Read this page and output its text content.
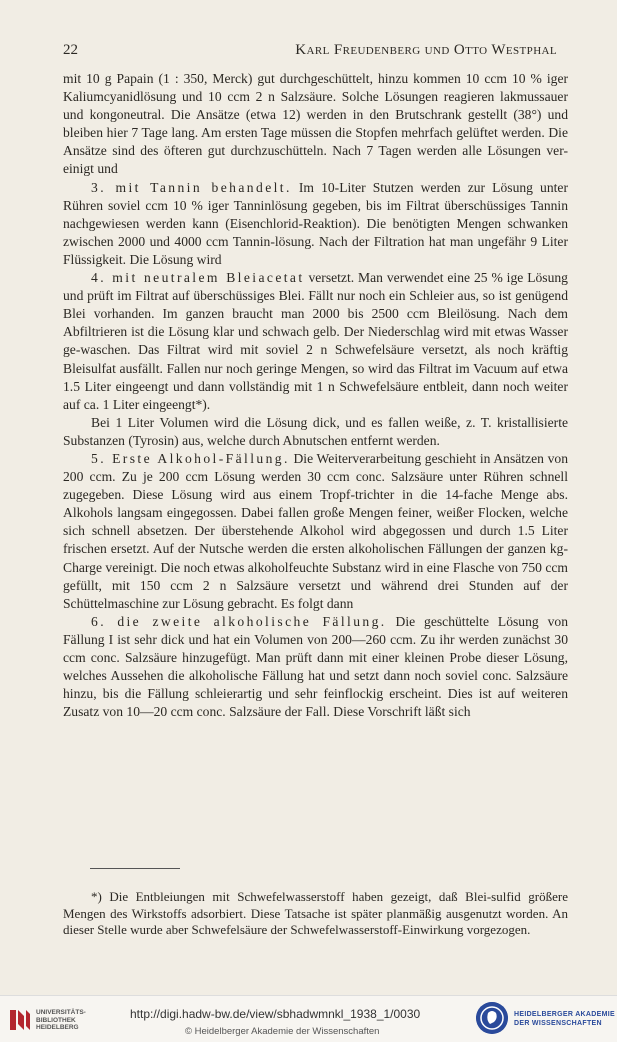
22	Karl Freudenberg und Otto Westphal

mit 10 g Papain (1 : 350, Merck) gut durchgeschüttelt, hinzu kommen 10 ccm 10 % iger Kaliumcyanidlösung und 10 ccm 2 n Salzsäure. Solche Lösungen reagieren lakmussauer und kongoneutral. Die Ansätze (etwa 12) werden in den Brutschrank gestellt (38°) und bleiben hier 7 Tage lang. Am ersten Tage müssen die Stopfen mehrfach gelüftet werden. Die Ansätze sind des öfteren gut durchzuschütteln. Nach 7 Tagen werden alle Lösungen ver-einigt und

3. mit Tannin behandelt. Im 10-Liter Stutzen werden zur Lösung unter Rühren soviel ccm 10 % iger Tanninlösung gegeben, bis im Filtrat überschüssiges Tannin nachgewiesen werden kann (Eisenchlorid-Reaktion). Die benötigten Mengen schwanken zwischen 2000 und 4000 ccm Tannin-lösung. Nach der Filtration hat man ungefähr 9 Liter Flüssigkeit. Die Lösung wird

4. mit neutralem Bleiacetat versetzt. Man verwendet eine 25 % ige Lösung und prüft im Filtrat auf überschüssiges Blei. Fällt nur noch ein Schleier aus, so ist genügend Blei vorhanden. Im ganzen braucht man 2000 bis 2500 ccm Bleilösung. Nach dem Abfiltrieren ist die Lösung klar und schwach gelb. Der Niederschlag wird mit etwas Wasser ge-waschen. Das Filtrat wird mit soviel 2 n Schwefelsäure versetzt, als noch kräftig Bleisulfat ausfällt. Fallen nur noch geringe Mengen, so wird das Filtrat im Vacuum auf etwa 1.5 Liter eingeengt und dann vollständig mit 1 n Schwefelsäure entbleit, dann noch weiter auf ca. 1 Liter eingeengt*).

Bei 1 Liter Volumen wird die Lösung dick, und es fallen weiße, z. T. kristallisierte Substanzen (Tyrosin) aus, welche durch Abnutschen entfernt werden.

5. Erste Alkohol-Fällung. Die Weiterverarbeitung geschieht in Ansätzen von 200 ccm. Zu je 200 ccm Lösung werden 30 ccm conc. Salzsäure unter Rühren schnell zugegeben. Diese Lösung wird aus einem Tropf-trichter in die 14-fache Menge abs. Alkohols langsam eingegossen. Dabei fallen große Mengen feiner, weißer Flocken, welche sich schnell absetzen. Der überstehende Alkohol wird abgegossen und durch 1.5 Liter frischen ersetzt. Auf der Nutsche werden die ersten alkoholischen Fällungen der ganzen kg-Charge vereinigt. Die noch etwas alkoholfeuchte Substanz wird in eine Flasche von 750 ccm gefüllt, mit 150 ccm 2 n Salzsäure versetzt und während drei Stunden auf der Schüttelmaschine zur Lösung gebracht. Es folgt dann

6. die zweite alkoholische Fällung. Die geschüttelte Lösung von Fällung I ist sehr dick und hat ein Volumen von 200—260 ccm. Zu ihr werden zunächst 30 ccm conc. Salzsäure hinzugefügt. Man prüft dann mit einer kleinen Probe dieser Lösung, welches Aussehen die alkoholische Fällung hat und setzt dann noch soviel conc. Salzsäure hinzu, bis die Fällung schleierartig und sehr feinflockig erscheint. Dies ist auf weiteren Zusatz von 10—20 ccm conc. Salzsäure der Fall. Diese Vorschrift läßt sich

*) Die Entbleiungen mit Schwefelwasserstoff haben gezeigt, daß Blei-sulfid größere Mengen des Wirkstoffs adsorbiert. Diese Tatsache ist später planmäßig ausgenutzt worden. An dieser Stelle wurde aber Schwefelsäure der Schwefelwasserstoff-Einwirkung vorgezogen.

UNIVERSITÄTS-
BIBLIOTHEK
HEIDELBERG
http://digi.hadw-bw.de/view/sbhadwmnkl_1938_1/0030
© Heidelberger Akademie der Wissenschaften
HEIDELBERGER AKADEMIE
DER WISSENSCHAFTEN
